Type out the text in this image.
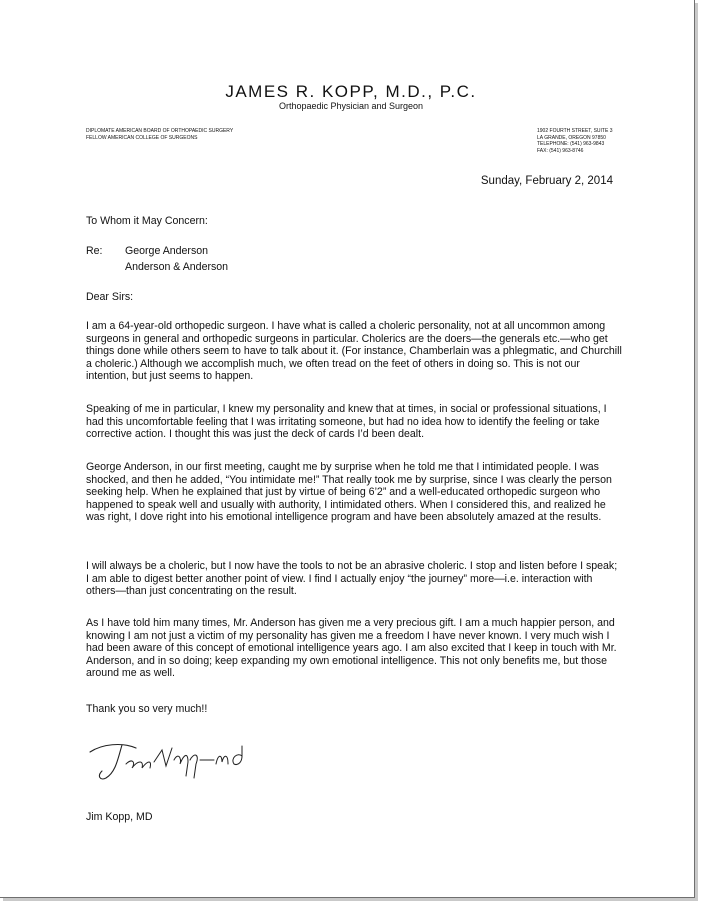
JAMES R. KOPP, M.D., P.C.
Orthopaedic Physician and Surgeon
DIPLOMATE AMERICAN BOARD OF ORTHOPAEDIC SURGERY
FELLOW AMERICAN COLLEGE OF SURGEONS
1902 FOURTH STREET, SUITE 3
LA GRANDE, OREGON 97850
TELEPHONE: (541) 963-9843
FAX: (541) 963-8746
Sunday, February 2, 2014
To Whom it May Concern:
Re: George Anderson
Anderson & Anderson
Dear Sirs:
I am a 64-year-old orthopedic surgeon. I have what is called a choleric personality, not at all uncommon among surgeons in general and orthopedic surgeons in particular. Cholerics are the doers—the generals etc.—who get things done while others seem to have to talk about it. (For instance, Chamberlain was a phlegmatic, and Churchill a choleric.) Although we accomplish much, we often tread on the feet of others in doing so. This is not our intention, but just seems to happen.
Speaking of me in particular, I knew my personality and knew that at times, in social or professional situations, I had this uncomfortable feeling that I was irritating someone, but had no idea how to identify the feeling or take corrective action. I thought this was just the deck of cards I’d been dealt.
George Anderson, in our first meeting, caught me by surprise when he told me that I intimidated people. I was shocked, and then he added, “You intimidate me!” That really took me by surprise, since I was clearly the person seeking help. When he explained that just by virtue of being 6’2” and a well-educated orthopedic surgeon who happened to speak well and usually with authority, I intimidated others. When I considered this, and realized he was right, I dove right into his emotional intelligence program and have been absolutely amazed at the results.
I will always be a choleric, but I now have the tools to not be an abrasive choleric. I stop and listen before I speak; I am able to digest better another point of view. I find I actually enjoy “the journey” more—i.e. interaction with others—than just concentrating on the result.
As I have told him many times, Mr. Anderson has given me a very precious gift. I am a much happier person, and knowing I am not just a victim of my personality has given me a freedom I have never known. I very much wish I had been aware of this concept of emotional intelligence years ago. I am also excited that I keep in touch with Mr. Anderson, and in so doing; keep expanding my own emotional intelligence. This not only benefits me, but those around me as well.
Thank you so very much!!
Jim Kopp, MD
